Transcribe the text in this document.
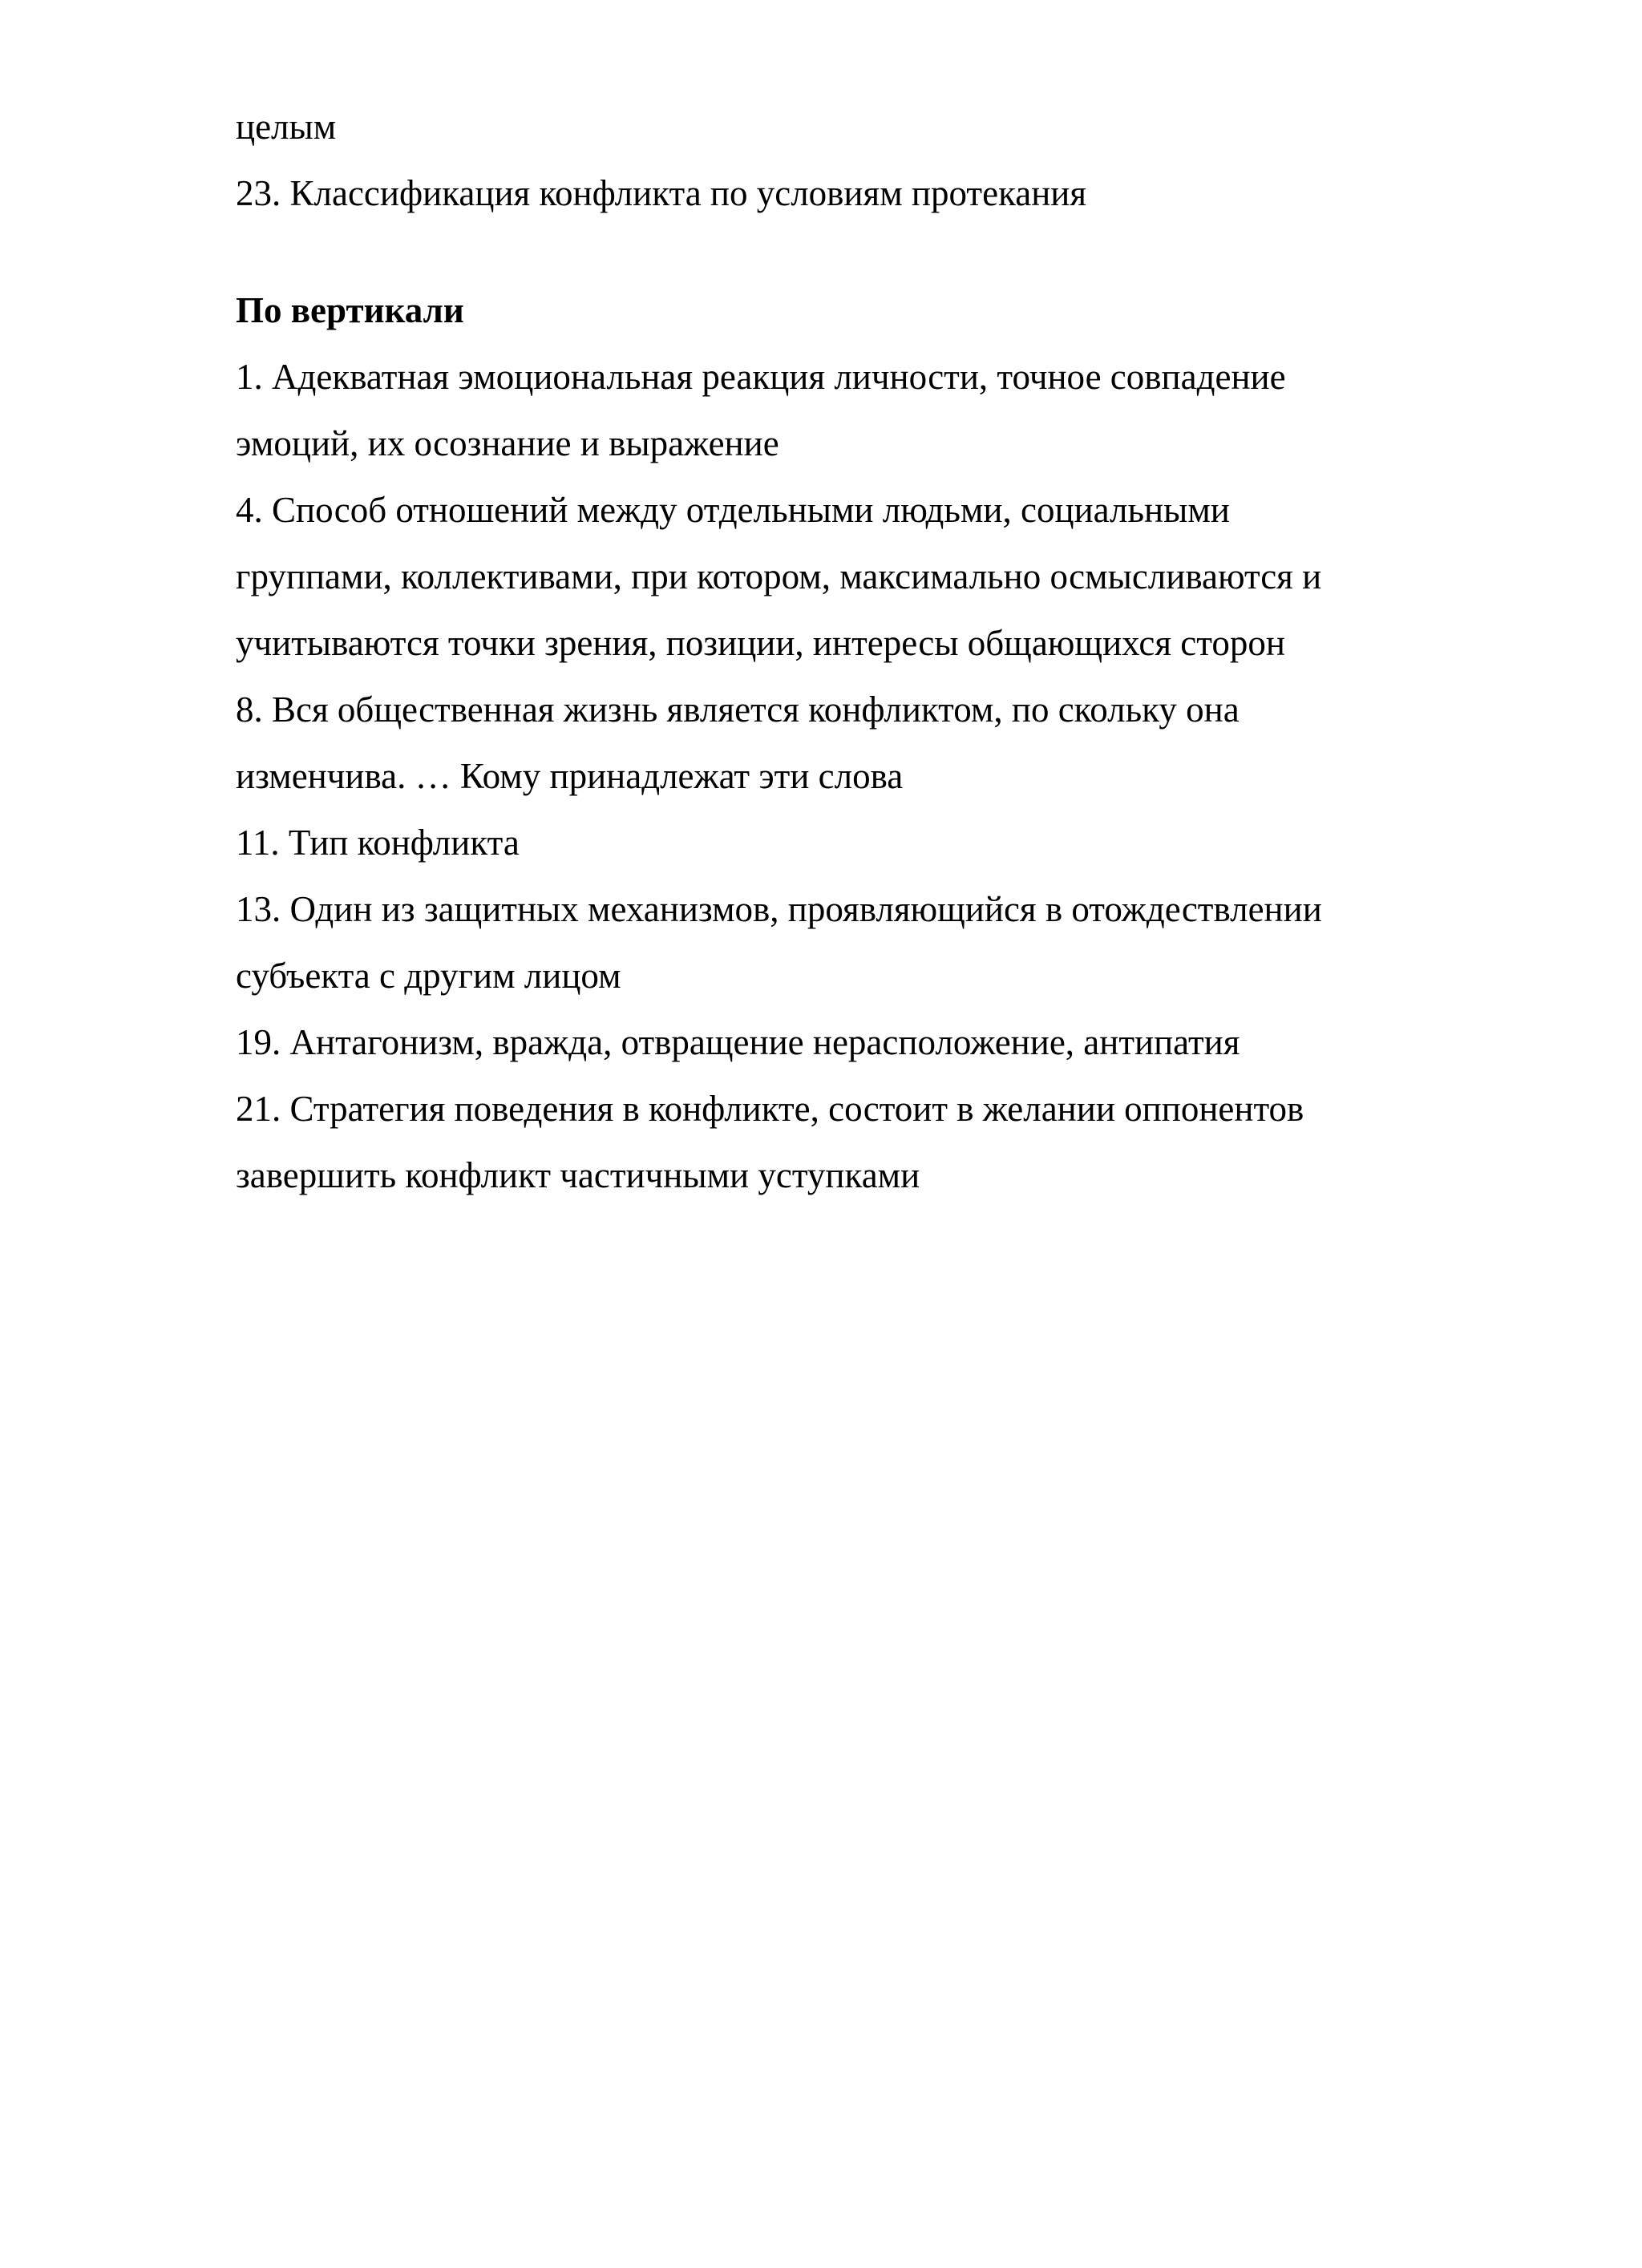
целым
23. Классификация конфликта по условиям протекания
По вертикали
1. Адекватная эмоциональная реакция личности, точное совпадение
эмоций, их осознание и выражение
4. Способ отношений между отдельными людьми, социальными
группами, коллективами, при котором, максимально осмысливаются и
учитываются точки зрения, позиции, интересы общающихся сторон
8. Вся общественная жизнь является конфликтом, по скольку она
изменчива. … Кому принадлежат эти слова
11. Тип конфликта
13. Один из защитных механизмов, проявляющийся в отождествлении
субъекта с другим лицом
19. Антагонизм, вражда, отвращение нерасположение, антипатия
21. Стратегия поведения в конфликте, состоит в желании оппонентов
завершить конфликт частичными уступками
